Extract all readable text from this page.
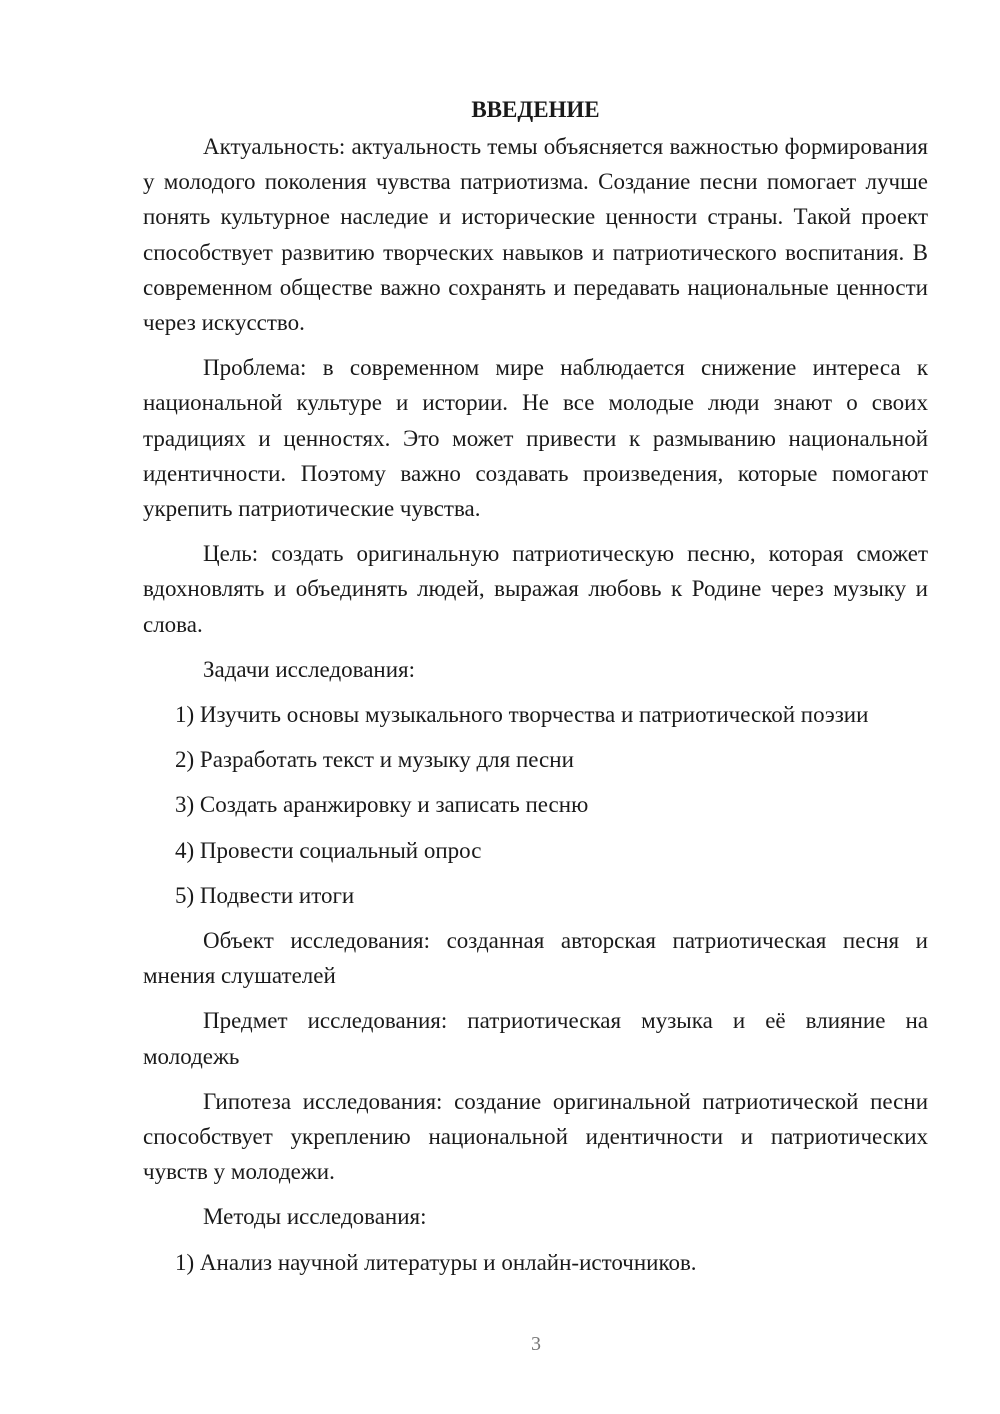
ВВЕДЕНИЕ

Актуальность: актуальность темы объясняется важностью формирования у молодого поколения чувства патриотизма. Создание песни помогает лучше понять культурное наследие и исторические ценности страны. Такой проект способствует развитию творческих навыков и патриотического воспитания. В современном обществе важно сохранять и передавать национальные ценности через искусство.

Проблема: в современном мире наблюдается снижение интереса к национальной культуре и истории. Не все молодые люди знают о своих традициях и ценностях. Это может привести к размыванию национальной идентичности. Поэтому важно создавать произведения, которые помогают укрепить патриотические чувства.

Цель: создать оригинальную патриотическую песню, которая сможет вдохновлять и объединять людей, выражая любовь к Родине через музыку и слова.

Задачи исследования:

1) Изучить основы музыкального творчества и патриотической поэзии
2) Разработать текст и музыку для песни
3) Создать аранжировку и записать песню
4) Провести социальный опрос
5) Подвести итоги

Объект исследования: созданная авторская патриотическая песня и мнения слушателей

Предмет исследования: патриотическая музыка и её влияние на молодежь

Гипотеза исследования: создание оригинальной патриотической песни способствует укреплению национальной идентичности и патриотических чувств у молодежи.

Методы исследования:

1) Анализ научной литературы и онлайн-источников.
3
